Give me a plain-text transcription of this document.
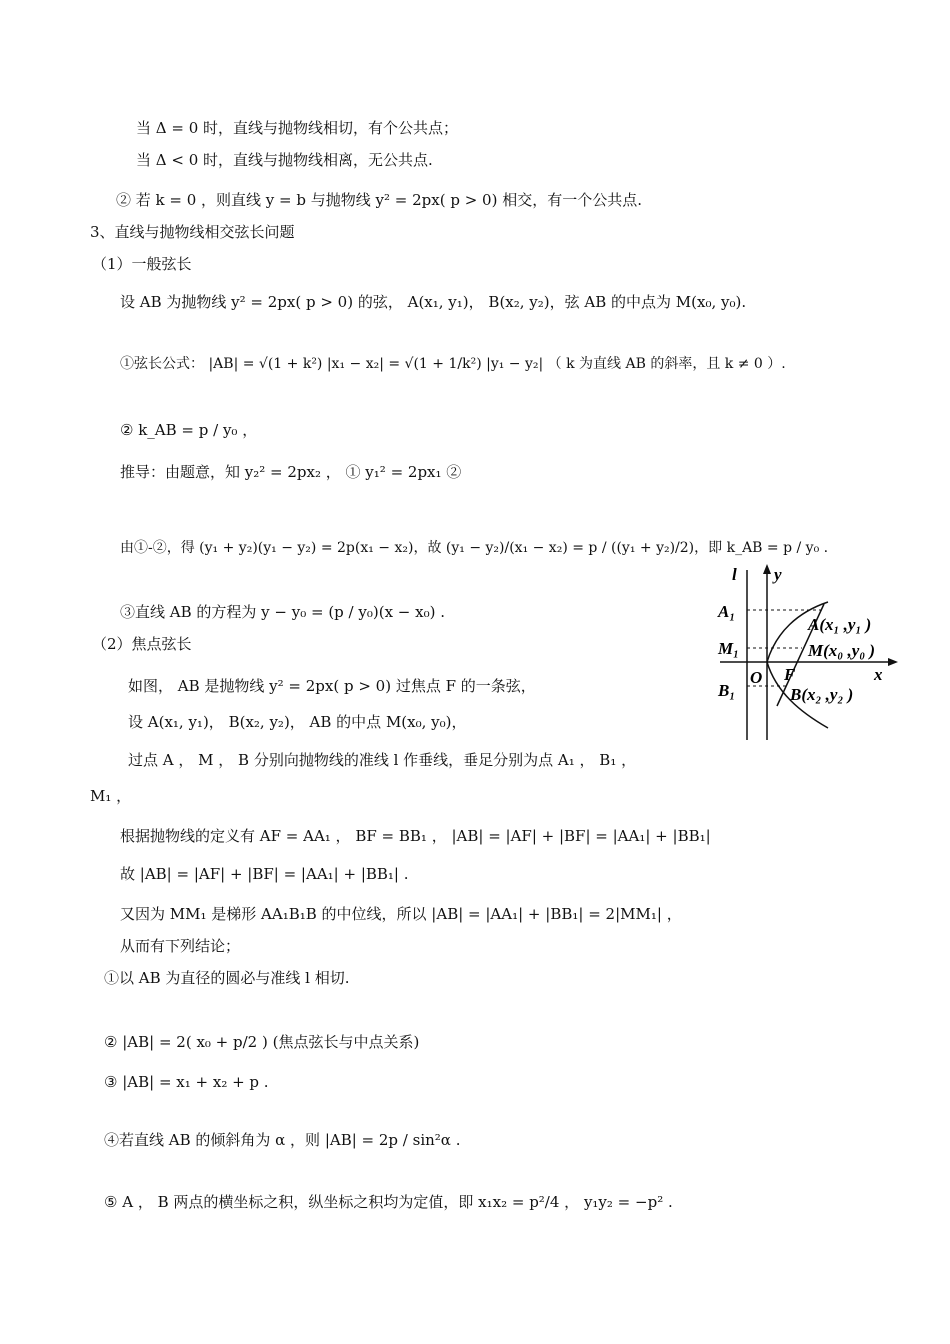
当 Δ = 0 时，直线与抛物线相切，有个公共点；
当 Δ < 0 时，直线与抛物线相离，无公共点.
② 若 k = 0 ，则直线 y = b 与抛物线 y² = 2px( p > 0) 相交，有一个公共点.
3、直线与抛物线相交弦长问题
（1）一般弦长
设 AB 为抛物线 y² = 2px( p > 0) 的弦， A(x₁, y₁)， B(x₂, y₂)，弦 AB 的中点为 M(x₀, y₀).
①弦长公式： |AB| = √(1 + k²) |x₁ − x₂| = √(1 + 1/k²) |y₁ − y₂| （ k 为直线 AB 的斜率，且 k ≠ 0 ）.
② k_AB = p / y₀ ，
推导：由题意，知 y₂² = 2px₂ ， ① y₁² = 2px₁ ②
由①-②，得 (y₁ + y₂)(y₁ − y₂) = 2p(x₁ − x₂)，故 (y₁ − y₂)/(x₁ − x₂) = p / ((y₁ + y₂)/2)，即 k_AB = p / y₀ .
③直线 AB 的方程为 y − y₀ = (p / y₀)(x − x₀) .
（2）焦点弦长
如图， AB 是抛物线 y² = 2px( p > 0) 过焦点 F 的一条弦，
设 A(x₁, y₁)， B(x₂, y₂)， AB 的中点 M(x₀, y₀)，
过点 A ， M ， B 分别向抛物线的准线 l 作垂线，垂足分别为点 A₁ ， B₁ ，
M₁ ，
根据抛物线的定义有 AF = AA₁ ， BF = BB₁ ， |AB| = |AF| + |BF| = |AA₁| + |BB₁|
故 |AB| = |AF| + |BF| = |AA₁| + |BB₁| .
又因为 MM₁ 是梯形 AA₁B₁B 的中位线，所以 |AB| = |AA₁| + |BB₁| = 2|MM₁| ，
从而有下列结论；
①以 AB 为直径的圆必与准线 l 相切.
② |AB| = 2( x₀ + p/2 ) (焦点弦长与中点关系)
③ |AB| = x₁ + x₂ + p .
④若直线 AB 的倾斜角为 α ，则 |AB| = 2p / sin²α .
⑤ A ， B 两点的横坐标之积，纵坐标之积均为定值，即 x₁x₂ = p²/4 ， y₁y₂ = −p² .
l y
x
O F
A₁
M₁
B₁
A(x₁ ,y₁ )
M(x₀ ,y₀ )
B(x₂ ,y₂ )
